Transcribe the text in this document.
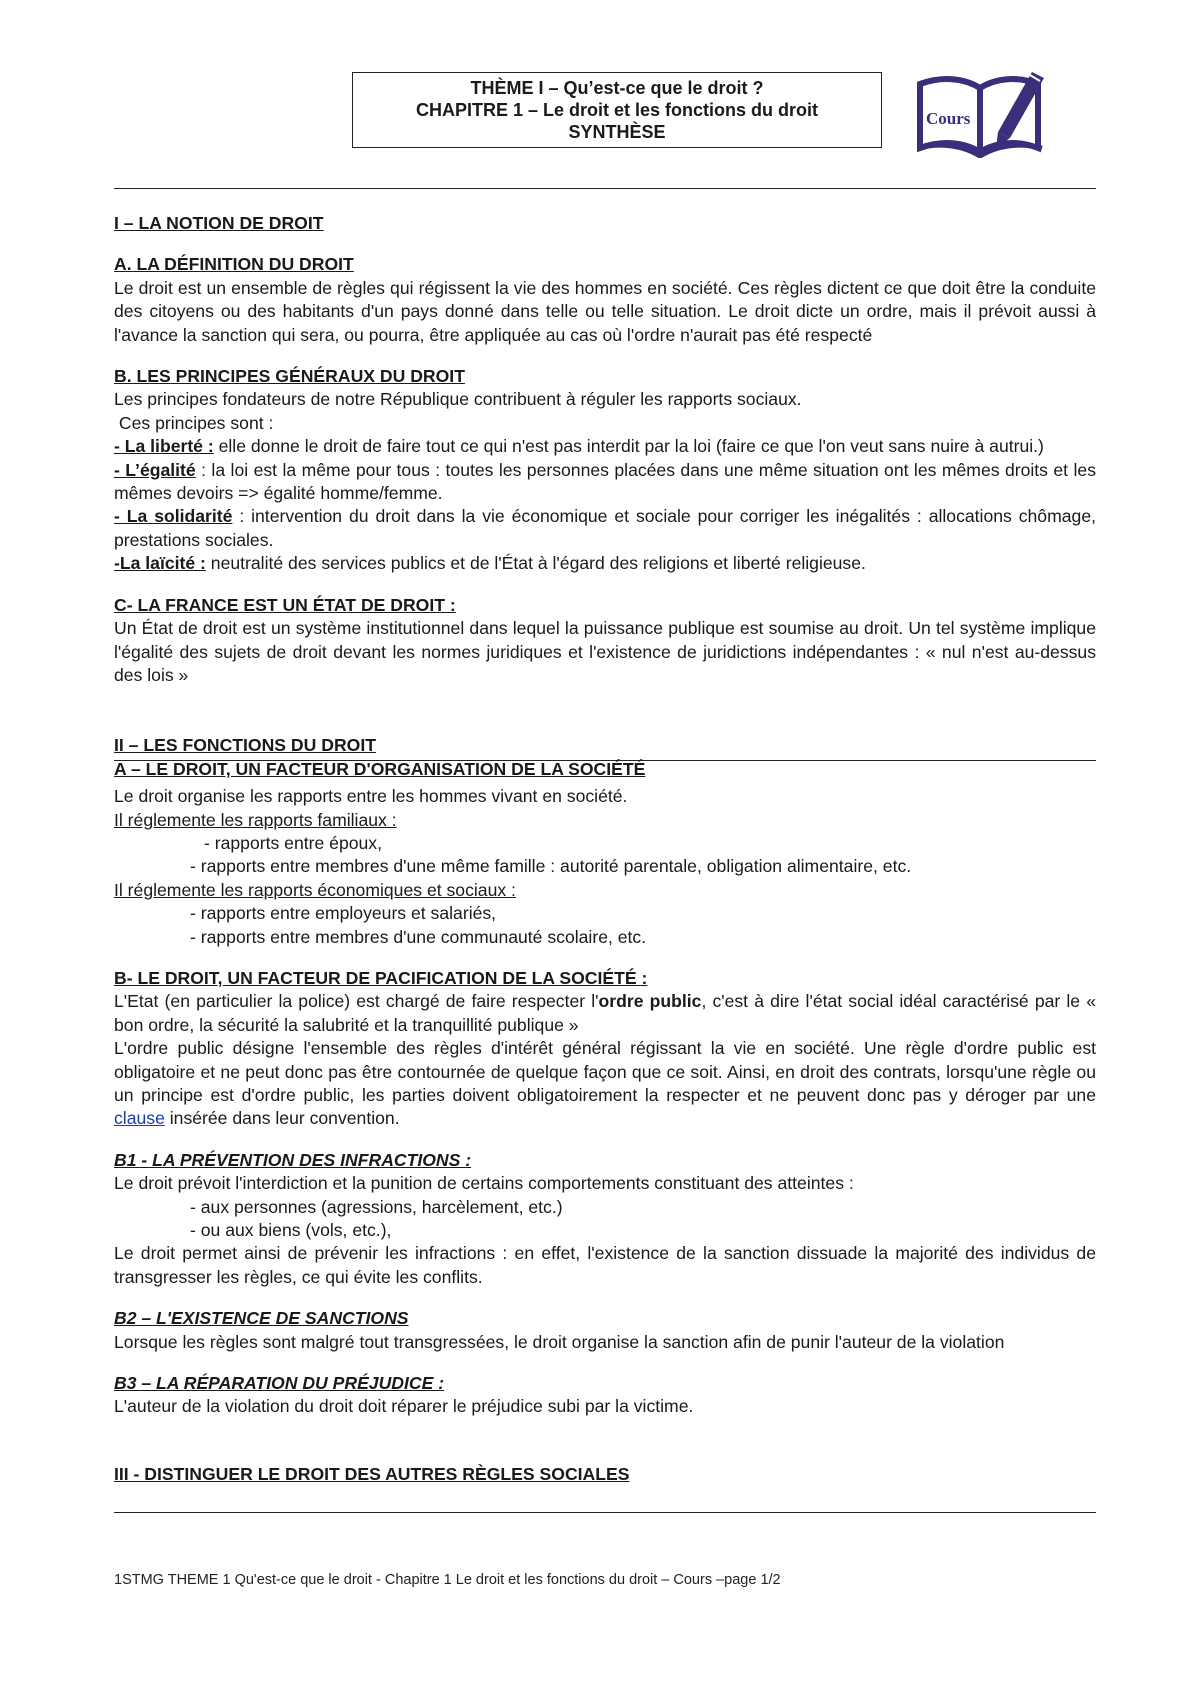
THÈME I – Qu’est-ce que le droit ?
CHAPITRE 1 – Le droit et les fonctions du droit
SYNTHÈSE
Cours

I – LA NOTION DE DROIT

A. LA DÉFINITION DU DROIT

Le droit est un ensemble de règles qui régissent la vie des hommes en société. Ces règles dictent ce que doit être la conduite des citoyens ou des habitants d'un pays donné dans telle ou telle situation. Le droit dicte un ordre, mais il prévoit aussi à l'avance la sanction qui sera, ou pourra, être appliquée au cas où l'ordre n'aurait pas été respecté

B. LES PRINCIPES GÉNÉRAUX DU DROIT

Les principes fondateurs de notre République contribuent à réguler les rapports sociaux.

Ces principes sont :

- La liberté : elle donne le droit de faire tout ce qui n'est pas interdit par la loi (faire ce que l'on veut sans nuire à autrui.)

- L’égalité : la loi est la même pour tous : toutes les personnes placées dans une même situation ont les mêmes droits et les mêmes devoirs => égalité homme/femme.

- La solidarité : intervention du droit dans la vie économique et sociale pour corriger les inégalités : allocations chômage, prestations sociales.

-La laïcité : neutralité des services publics et de l'État à l'égard des religions et liberté religieuse.

C- LA FRANCE EST UN ÉTAT DE DROIT :

Un État de droit est un système institutionnel dans lequel la puissance publique est soumise au droit. Un tel système implique l'égalité des sujets de droit devant les normes juridiques et l'existence de juridictions indépendantes : « nul n'est au-dessus des lois »

II – LES FONCTIONS DU DROIT

A – LE DROIT, UN FACTEUR D'ORGANISATION DE LA SOCIÉTÉ

Le droit organise les rapports entre les hommes vivant en société.

Il réglemente les rapports familiaux :

- rapports entre époux,

- rapports entre membres d'une même famille : autorité parentale, obligation alimentaire, etc.

Il réglemente les rapports économiques et sociaux :

- rapports entre employeurs et salariés,

- rapports entre membres d'une communauté scolaire, etc.

B- LE DROIT, UN FACTEUR DE PACIFICATION DE LA SOCIÉTÉ :

L'Etat (en particulier la police) est chargé de faire respecter l'ordre public, c'est à dire l'état social idéal caractérisé par le « bon ordre, la sécurité la salubrité et la tranquillité publique »

L'ordre public désigne l'ensemble des règles d'intérêt général régissant la vie en société. Une règle d'ordre public est obligatoire et ne peut donc pas être contournée de quelque façon que ce soit. Ainsi, en droit des contrats, lorsqu'une règle ou un principe est d'ordre public, les parties doivent obligatoirement la respecter et ne peuvent donc pas y déroger par une clause insérée dans leur convention.

B1 - LA PRÉVENTION DES INFRACTIONS :

Le droit prévoit l'interdiction et la punition de certains comportements constituant des atteintes :

- aux personnes (agressions, harcèlement, etc.)

- ou aux biens (vols, etc.),

Le droit permet ainsi de prévenir les infractions : en effet, l'existence de la sanction dissuade la majorité des individus de transgresser les règles, ce qui évite les conflits.

B2 – L'EXISTENCE DE SANCTIONS

Lorsque les règles sont malgré tout transgressées, le droit organise la sanction afin de punir l'auteur de la violation

B3 – LA RÉPARATION DU PRÉJUDICE :

L'auteur de la violation du droit doit réparer le préjudice subi par la victime.

III - DISTINGUER LE DROIT DES AUTRES RÈGLES SOCIALES

1STMG THEME 1 Qu'est-ce que le droit - Chapitre 1 Le droit et les fonctions du droit – Cours –page 1/2
